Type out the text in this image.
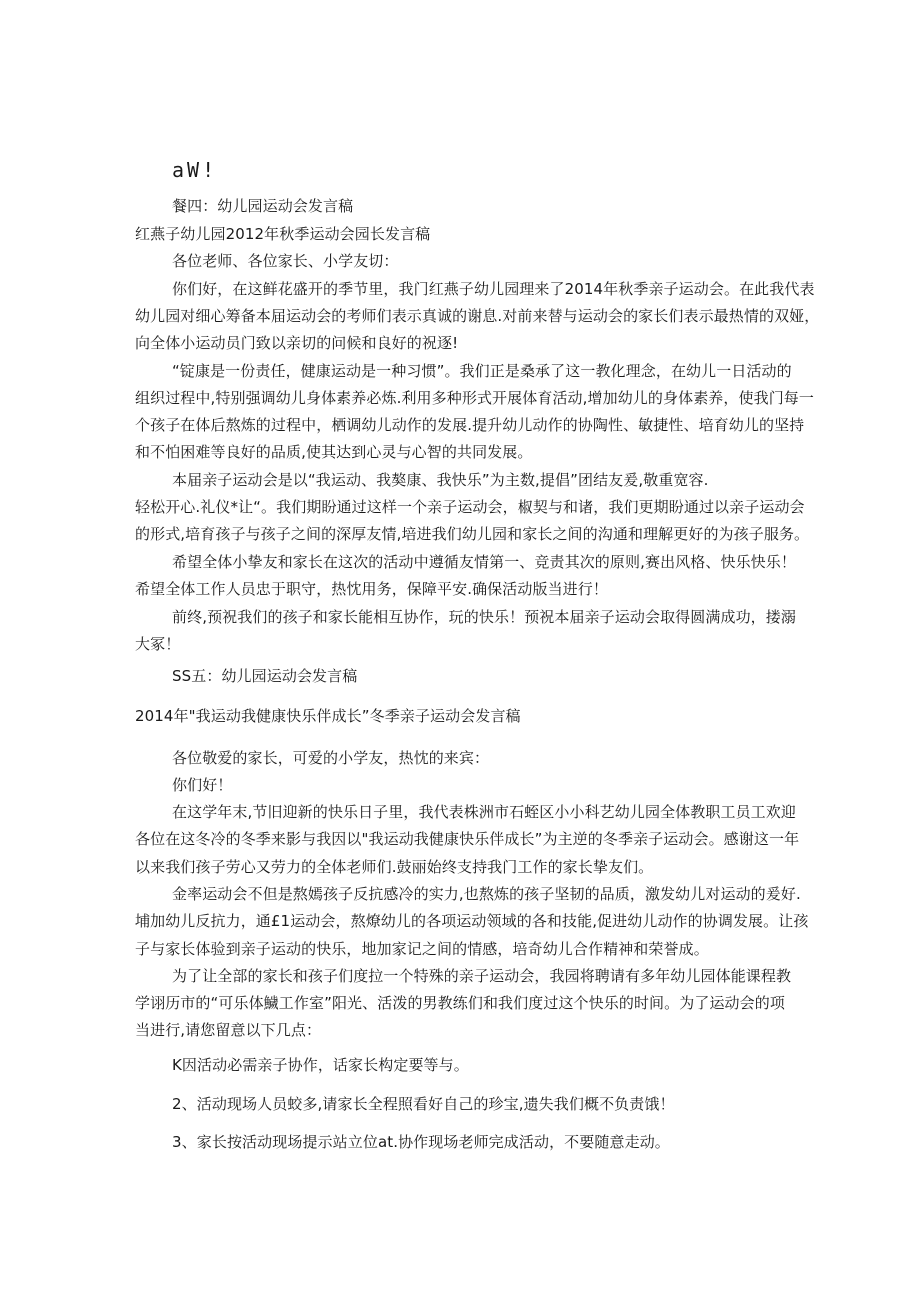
aW!
餐四：幼儿园运动会发言稿
红燕子幼儿园2012年秋季运动会园长发言稿
各位老师、各位家长、小学友切：
你们好，在这鲜花盛开的季节里，我门红燕子幼儿园理来了2014年秋季亲子运动会。在此我代表
幼儿园对细心筹备本届运动会的考师们表示真诚的谢息.对前来替与运动会的家长们表示最热情的双娅，
向全体小运动员门致以亲切的问候和良好的祝逐!
“锭康是一份责任，健康运动是一种习惯”。我们正是桑承了这一教化理念，在幼儿一日活动的
组织过程中,特别强调幼儿身体素养必炼.利用多种形式开展体育活动,增加幼儿的身体素养，使我门每一
个孩子在体后熬炼的过程中，栖调幼儿动作的发展.提升幼儿动作的协陶性、敏捷性、培育幼儿的坚持
和不怕困难等良好的品质,使其达到心灵与心智的共同发展。
本届亲子运动会是以“我运动、我獒康、我快乐”为主数,提倡”团结友爰,敬重宽容.
轻松开心.礼仪*让“。我们期盼通过这样一个亲子运动会，椒契与和诸，我们更期盼通过以亲子运动会
的形式,培育孩子与孩子之间的深厚友情,培进我们幼儿园和家长之间的沟通和理解更好的为孩子服务。
希望全体小挚友和家长在这次的活动中遵循友情第一、竞责其次的原则,赛出风格、快乐快乐！
希望全体工作人员忠于职守，热忱用务，保障平安.确保活动版当进行！
前终,预祝我们的孩子和家长能相互协作，玩的快乐！预祝本届亲子运动会取得圆满成功，搂溺
大冢！
SS五：幼儿园运动会发言稿
2014年"我运动我健康快乐伴成长”冬季亲子运动会发言稿
各位敬爱的家长，可爱的小学友，热忱的来宾：
你们好！
在这学年末,节旧迎新的快乐日子里，我代表株洲市石蛭区小小科艺幼儿园全体教职工员工欢迎
各位在这冬冷的冬季来影与我因以"我运动我健康快乐伴成长”为主逆的冬季亲子运动会。感谢这一年
以来我们孩子劳心又劳力的全体老师们.鼓丽始终支持我门工作的家长挚友们。
金率运动会不但是熬嫣孩子反抗感冷的实力,也熬炼的孩子坚韧的品质，激发幼儿对运动的爰好.
埔加幼儿反抗力，通£1运动会，熬燎幼儿的各项运动领域的各和技能,促进幼儿动作的协调发展。让孩
子与家长体验到亲子运动的快乐，地加家记之间的情感，培奇幼儿合作精神和荣誉成。
为了让全部的家长和孩子们度拉一个特殊的亲子运动会，我园将聘请有多年幼儿园体能课程教
学诩历市的“可乐体鱥工作室”阳光、活泼的男教练们和我们度过这个快乐的时间。为了运动会的项
当进行,请您留意以下几点：
K因活动必需亲子协作，话家长构定要等与。
2、活动现场人员蛟多,请家长全程照看好自己的珍宝,遗失我们概不负责饿！
3、家长按活动现场提示站立位at.协作现场老师完成活动，不要随意走动。
